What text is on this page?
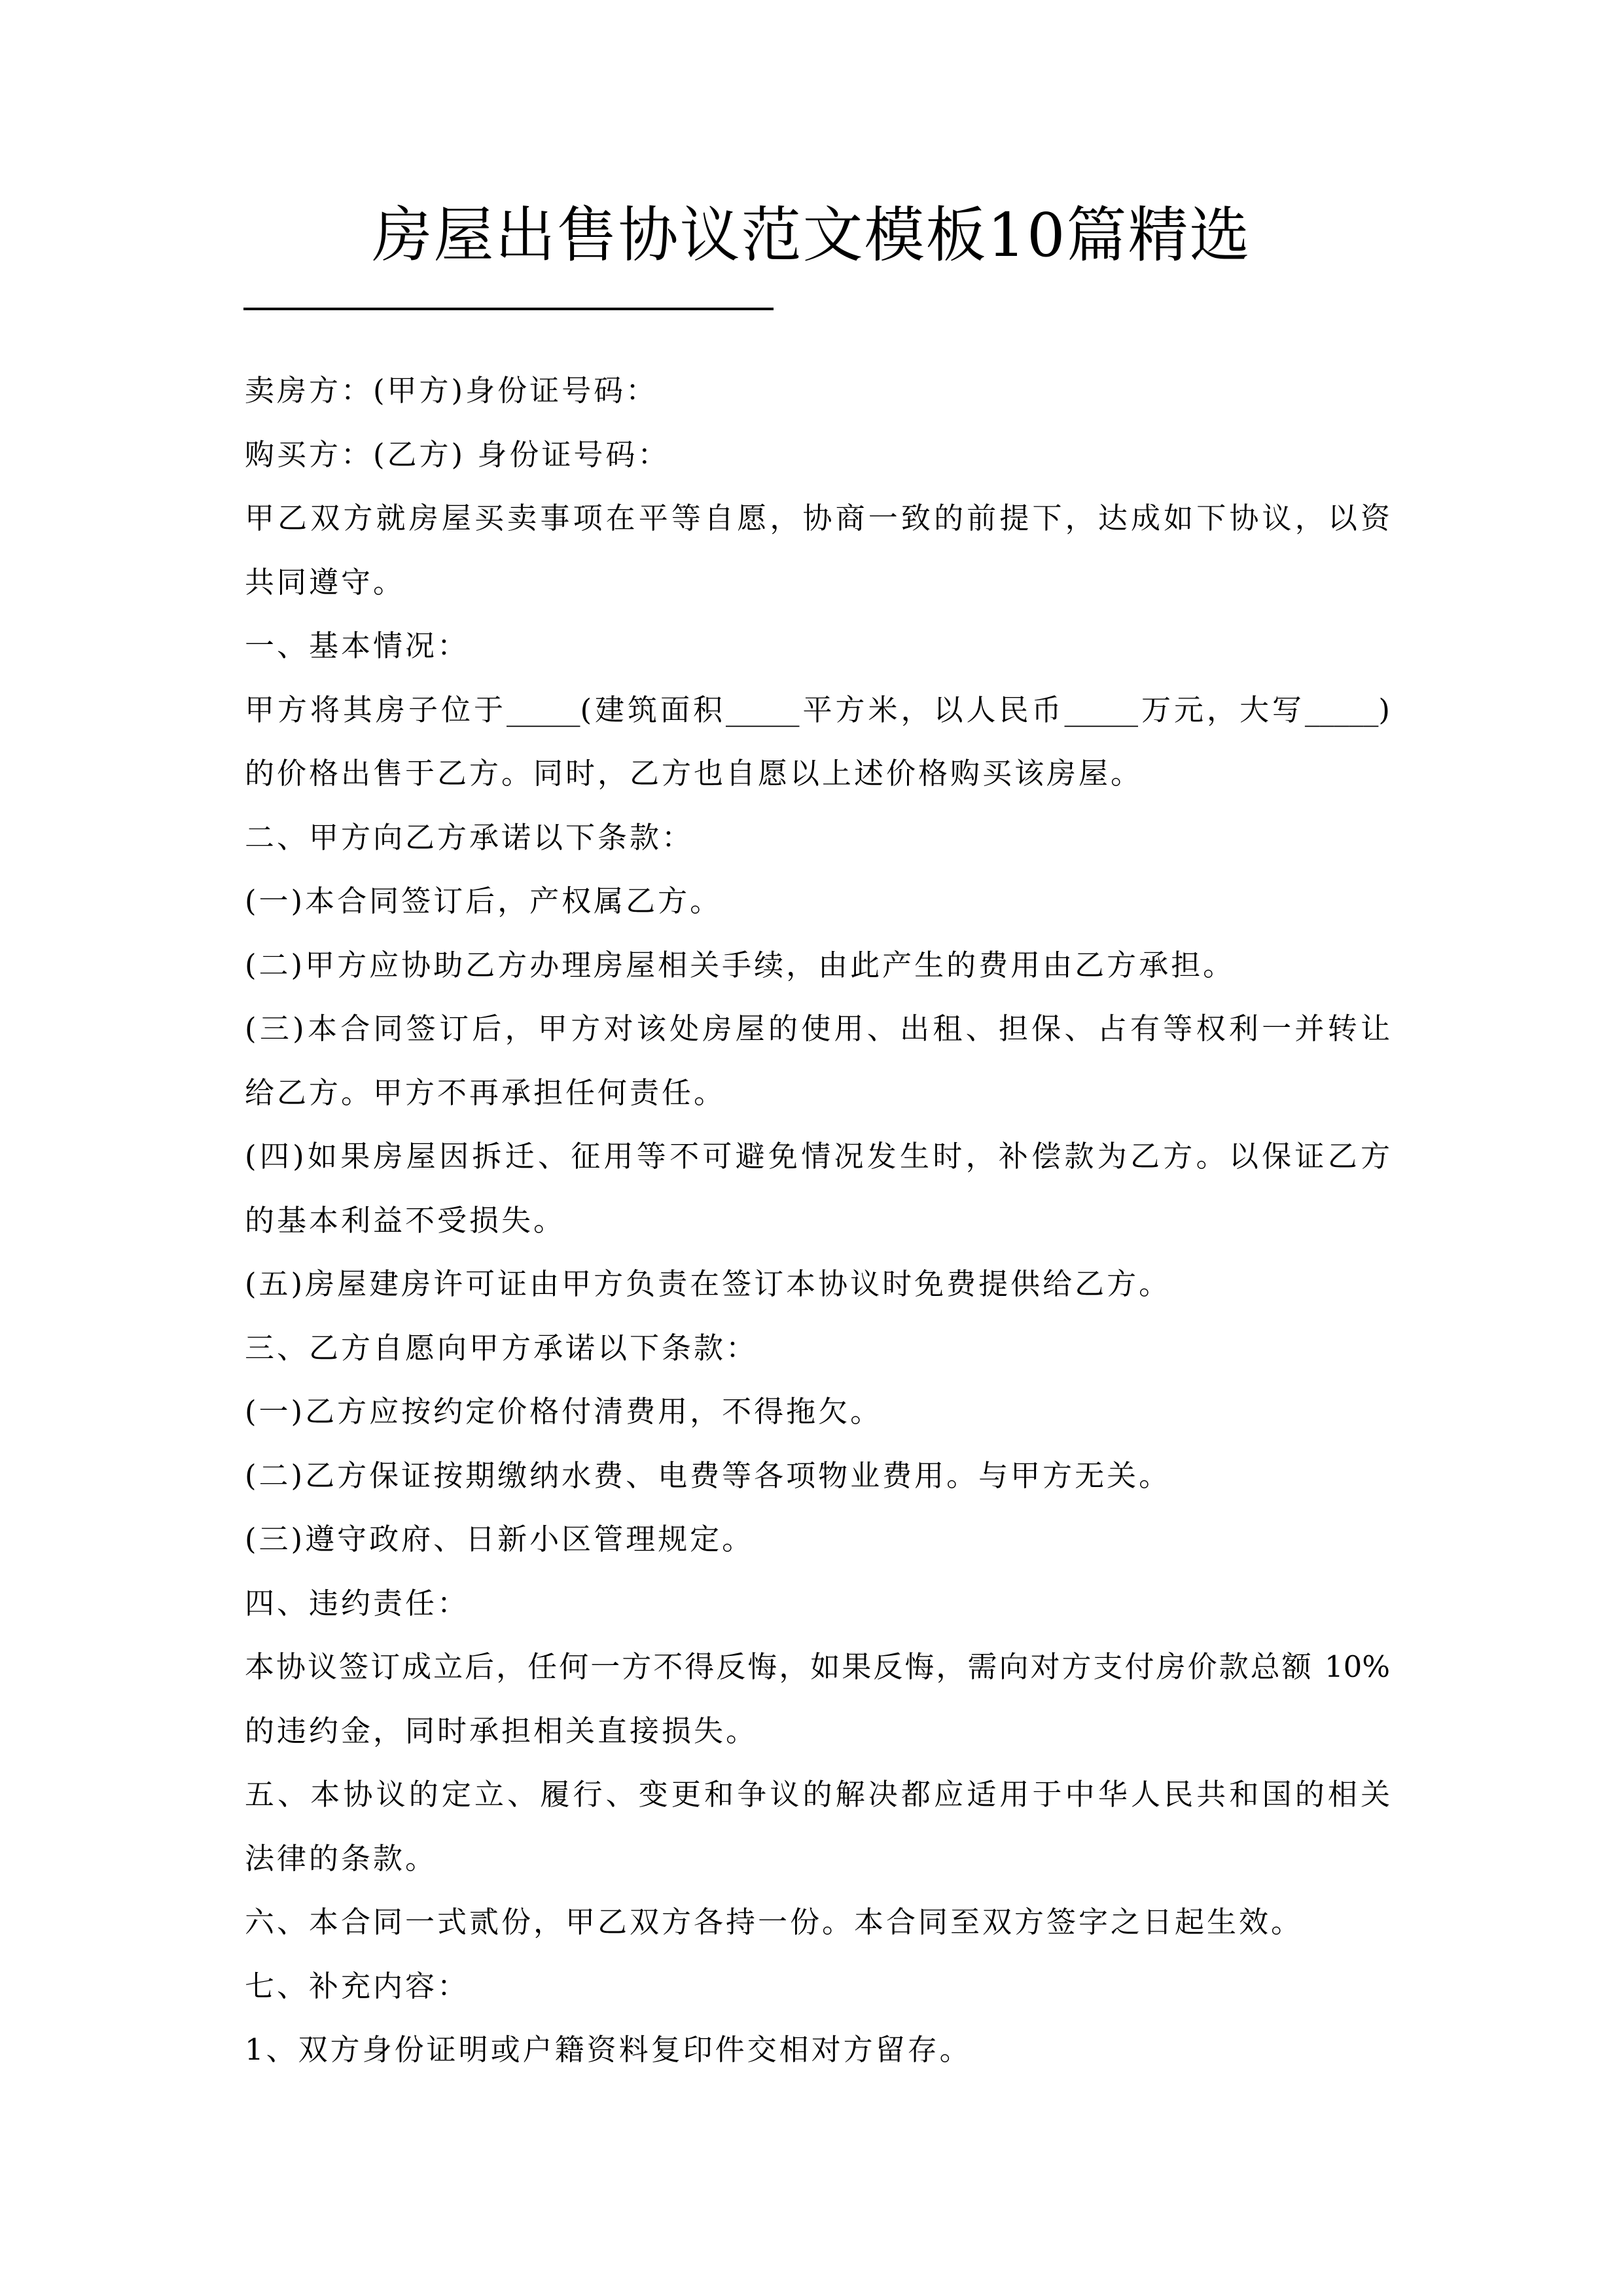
房屋出售协议范文模板10篇精选

卖房方：(甲方)身份证号码：

购买方：(乙方) 身份证号码：

甲乙双方就房屋买卖事项在平等自愿，协商一致的前提下，达成如下协议，以资

共同遵守。

一、基本情况：

甲方将其房子位于_____(建筑面积_____平方米，以人民币_____万元，大写_____)

的价格出售于乙方。同时，乙方也自愿以上述价格购买该房屋。

二、甲方向乙方承诺以下条款：

(一)本合同签订后，产权属乙方。

(二)甲方应协助乙方办理房屋相关手续，由此产生的费用由乙方承担。

(三)本合同签订后，甲方对该处房屋的使用、出租、担保、占有等权利一并转让

给乙方。甲方不再承担任何责任。

(四)如果房屋因拆迁、征用等不可避免情况发生时，补偿款为乙方。以保证乙方

的基本利益不受损失。

(五)房屋建房许可证由甲方负责在签订本协议时免费提供给乙方。

三、乙方自愿向甲方承诺以下条款：

(一)乙方应按约定价格付清费用，不得拖欠。

(二)乙方保证按期缴纳水费、电费等各项物业费用。与甲方无关。

(三)遵守政府、日新小区管理规定。

四、违约责任：

本协议签订成立后，任何一方不得反悔，如果反悔，需向对方支付房价款总额 10%

的违约金，同时承担相关直接损失。

五、本协议的定立、履行、变更和争议的解决都应适用于中华人民共和国的相关

法律的条款。

六、本合同一式贰份，甲乙双方各持一份。本合同至双方签字之日起生效。

七、补充内容：

1、双方身份证明或户籍资料复印件交相对方留存。
